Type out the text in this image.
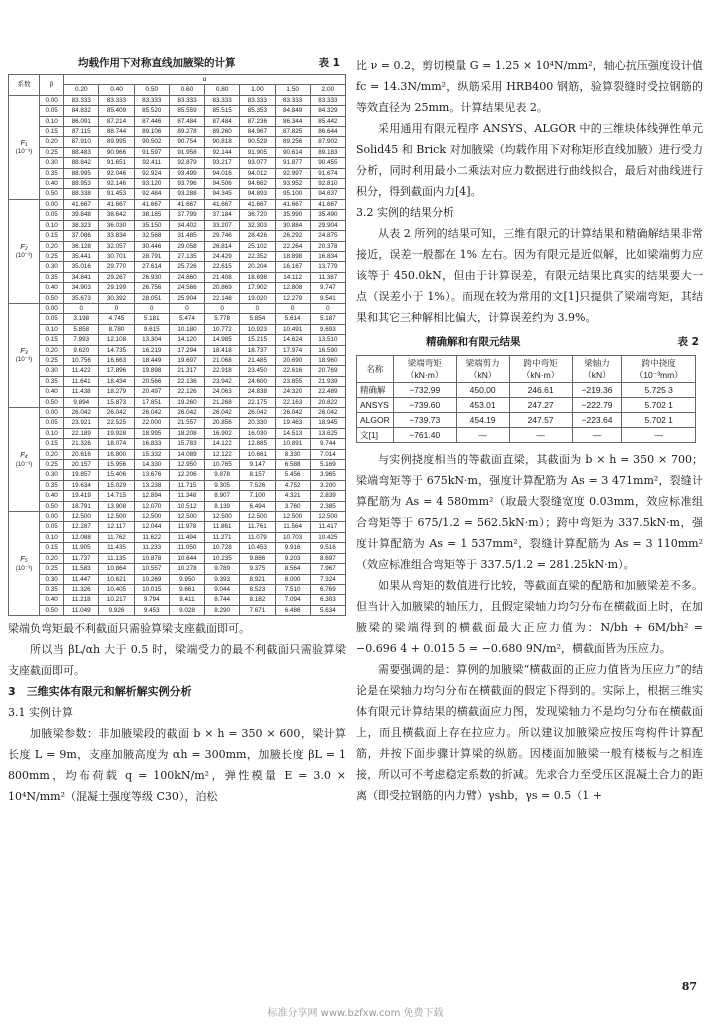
均载作用下对称直线加腋梁的计算	表 1
系数	β	α							
		0.20	0.40	0.50	0.60	0.80	1.00	1.50	2.00

F₁
(10⁻³)	0.00	83.333	83.333	83.333	83.333	83.333	83.333	83.333	83.333
	0.05	84.832	85.409	85.520	85.559	85.515	85.353	84.849	84.329
	0.10	86.091	87.214	87.446	87.484	87.484	87.236	86.344	85.442
	0.15	87.115	88.744	89.106	89.278	89.260	84.967	87.825	86.644
	0.20	87.910	89.995	90.502	90.754	90.818	90.529	89.256	87.902
	0.25	88.483	90.966	91.597	91.958	92.144	91.905	90.614	89.183
	0.30	88.842	91.651	92.411	92.879	93.217	93.077	91.877	90.455
	0.35	88.995	92.046	92.924	93.499	94.016	94.012	92.997	91.674
	0.40	88.953	92.146	93.120	93.796	94.506	94.662	93.952	92.810
	0.50	88.338	91.453	92.484	93.288	94.345	94.893	95.100	94.637

F₂
(10⁻³)	0.00	41.667	41.667	41.667	41.667	41.667	41.667	41.667	41.667
	0.05	39.848	38.642	38.185	37.799	37.184	36.720	35.990	35.490
	0.10	38.323	36.030	35.150	34.402	33.207	32.303	30.884	29.904
	0.15	37.086	33.834	32.568	31.485	29.746	28.426	26.292	24.875
	0.20	36.128	32.057	30.446	29.058	26.814	25.102	22.264	20.378
	0.25	35.441	30.701	28.791	27.135	24.429	22.352	18.898	16.834
	0.30	35.016	29.770	27.614	25.726	22.615	20.204	16.167	13.779
	0.35	34.841	29.267	26.930	24.860	21.408	18.698	14.112	11.387
	0.40	34.903	29.199	26.756	24.566	20.869	17.902	12.808	9.747
	0.50	35.673	30.392	28.051	25.904	22.148	19.020	12.279	9.541

F₃
(10⁻³)	0.00	0	0	0	0	0	0	0	0
	0.05	3.198	4.745	5.181	5.474	5.778	5.854	5.614	5.187
	0.10	5.858	8.780	9.615	10.180	10.772	10.923	10.491	9.693
	0.15	7.993	12.108	13.304	14.120	14.985	15.215	14.624	13.510
	0.20	9.620	14.735	16.219	17.294	18.418	18.737	17.974	16.590
	0.25	10.756	16.663	18.449	19.697	21.068	21.485	20.690	18.960
	0.30	11.422	17.896	19.898	21.317	22.918	23.450	22.616	20.769
	0.35	11.641	18.434	20.566	22.136	23.942	24.600	23.855	21.939
	0.40	11.438	18.279	20.497	22.126	24.063	24.838	24.320	22.489
	0.50	9.894	15.873	17.851	19.260	21.268	22.175	22.163	20.822

F₄
(10⁻³)	0.00	26.042	26.042	26.042	26.042	26.042	26.042	26.042	26.042
	0.05	23.921	22.525	22.000	21.557	20.856	20.330	19.463	18.945
	0.10	22.189	19.928	18.995	18.208	16.902	16.030	14.513	13.625
	0.15	21.326	18.074	16.833	15.783	14.122	12.885	10.891	9.744
	0.20	20.616	16.800	15.332	14.089	12.122	10.661	8.330	7.014
	0.25	20.157	15.956	14.330	12.950	10.765	9.147	6.588	5.169
	0.30	19.857	15.406	13.676	12.206	9.878	8.157	5.456	3.965
	0.35	19.634	15.029	13.238	11.715	9.305	7.526	4.752	3.200
	0.40	19.419	14.715	12.894	11.348	8.907	7.100	4.321	2.839
	0.50	18.791	13.908	12.070	10.512	8.139	6.494	3.760	2.385

F₅
(10⁻³)	0.00	12.500	12.500	12.500	12.500	12.500	12.500	12.500	12.500
	0.05	12.287	12.117	12.044	11.978	11.861	11.761	11.564	11.417
	0.10	12.088	11.762	11.622	11.494	11.271	11.079	10.703	10.425
	0.15	11.905	11.435	11.233	11.050	10.728	10.453	9.916	9.516
	0.20	11.737	11.135	10.878	10.644	10.235	9.886	9.203	8.697
	0.25	11.583	10.864	10.557	10.278	9.789	9.375	8.564	7.967
	0.30	11.447	10.621	10.269	9.950	9.393	8.921	8.000	7.324
	0.35	11.326	10.405	10.015	9.661	9.044	8.523	7.510	6.769
	0.40	11.218	10.217	9.794	9.411	8.744	8.182	7.094	6.303
	0.50	11.049	9.926	9.453	9.028	8.290	7.671	6.486	5.634

梁端负弯矩最不利截面只需验算梁支座截面即可。

所以当 βL/αh 大于 0.5 时，梁端受力的最不利截面只需验算梁支座截面即可。

3　三维实体有限元和解析解实例分析

3.1 实例计算

加腋梁参数：非加腋梁段的截面 b × h = 350 × 600，梁计算长度 L = 9m，支座加腋高度为 αh = 300mm，加腋长度 βL = 1 800mm，均布荷载 q = 100kN/m²，弹性模量 E = 3.0 × 10⁴N/mm²（混凝土强度等级 C30），泊松

比 ν = 0.2，剪切模量 G = 1.25 × 10⁴N/mm²，轴心抗压强度设计值 fc = 14.3N/mm²，纵筋采用 HRB400 钢筋，验算裂缝时受拉钢筋的等效直径为 25mm。计算结果见表 2。

采用通用有限元程序 ANSYS、ALGOR 中的三维块体线弹性单元 Solid45 和 Brick 对加腋梁（均载作用下对称矩形直线加腋）进行受力分析，同时利用最小二乘法对应力数据进行曲线拟合，最后对曲线进行积分，得到截面内力[4]。

3.2 实例的结果分析

从表 2 所列的结果可知，三维有限元的计算结果和精确解结果非常接近，误差一般都在 1% 左右。因为有限元是近似解，比如梁端剪力应该等于 450.0kN，但由于计算误差，有限元结果比真实的结果要大一点（误差小于 1%）。而现在较为常用的文[1]只提供了梁端弯矩，其结果和其它三种解相比偏大，计算误差约为 3.9%。

精确解和有限元结果	表 2
名称	梁端弯矩（kN·m）	梁端剪力（kN）	跨中弯矩（kN·m）	梁轴力（kN）	跨中挠度（10⁻³mm）
精确解	−732.99	450.00	246.61	−219.36	5.725 3
ANSYS	−739.60	453.01	247.27	−222.79	5.702 1
ALGOR	−739.73	454.19	247.57	−223.64	5.702 1
文[1]	−761.40	—	—	—	—

与实例挠度相当的等截面直梁，其截面为 b × h = 350 × 700；梁端弯矩等于 675kN·m，强度计算配筋为 As = 3 471mm²，裂缝计算配筋为 As = 4 580mm²（取最大裂缝宽度 0.03mm，效应标准组合弯矩等于 675/1.2 = 562.5kN·m）；跨中弯矩为 337.5kN·m，强度计算配筋为 As = 1 537mm²，裂缝计算配筋为 As = 3 110mm²（效应标准组合弯矩等于 337.5/1.2 = 281.25kN·m）。

如果从弯矩的数值进行比较，等截面直梁的配筋和加腋梁差不多。但当计入加腋梁的轴压力，且假定梁轴力均匀分布在横截面上时，在加腋梁的梁端得到的横截面最大正应力值为：N/bh + 6M/bh² = −0.696 4 + 0.015 5 = −0.680 9N/m²，横截面皆为压应力。

需要强调的是：算例的加腋梁“横截面的正应力值皆为压应力”的结论是在梁轴力均匀分布在横截面的假定下得到的。实际上，根据三维实体有限元计算结果的横截面应力图，发现梁轴力不是均匀分布在横截面上，而且横截面上存在拉应力。所以建议加腋梁应按压弯构件计算配筋，并按下面步骤计算梁的纵筋。因楼面加腋梁一般有楼板与之相连接，所以可不考虑稳定系数的折减。先求合力至受压区混凝土合力的距离（即受拉钢筋的内力臂）γshb，γs = 0.5（1 +

87
标准分享网 www.bzfxw.com 免费下载
